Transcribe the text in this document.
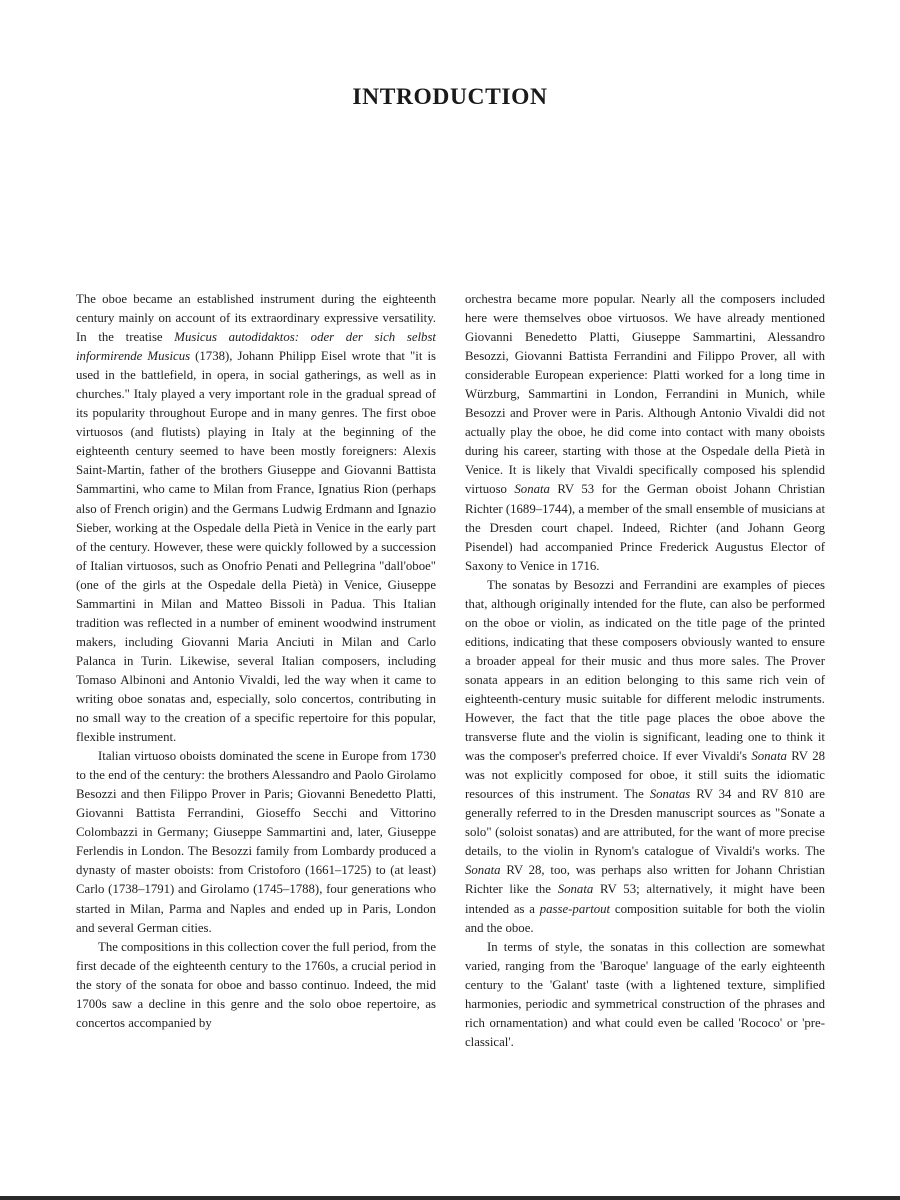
INTRODUCTION

The oboe became an established instrument during the eighteenth century mainly on account of its extraordinary expressive versatility. In the treatise Musicus autodidaktos: oder der sich selbst informirende Musicus (1738), Johann Philipp Eisel wrote that "it is used in the battlefield, in opera, in social gatherings, as well as in churches." Italy played a very important role in the gradual spread of its popularity throughout Europe and in many genres. The first oboe virtuosos (and flutists) playing in Italy at the beginning of the eighteenth century seemed to have been mostly foreigners: Alexis Saint-Martin, father of the brothers Giuseppe and Giovanni Battista Sammartini, who came to Milan from France, Ignatius Rion (perhaps also of French origin) and the Germans Ludwig Erdmann and Ignazio Sieber, working at the Ospedale della Pietà in Venice in the early part of the century. However, these were quickly followed by a succession of Italian virtuosos, such as Onofrio Penati and Pellegrina "dall'oboe" (one of the girls at the Ospedale della Pietà) in Venice, Giuseppe Sammartini in Milan and Matteo Bissoli in Padua. This Italian tradition was reflected in a number of eminent woodwind instrument makers, including Giovanni Maria Anciuti in Milan and Carlo Palanca in Turin. Likewise, several Italian composers, including Tomaso Albinoni and Antonio Vivaldi, led the way when it came to writing oboe sonatas and, especially, solo concertos, contributing in no small way to the creation of a specific repertoire for this popular, flexible instrument.

Italian virtuoso oboists dominated the scene in Europe from 1730 to the end of the century: the brothers Alessandro and Paolo Girolamo Besozzi and then Filippo Prover in Paris; Giovanni Benedetto Platti, Giovanni Battista Ferrandini, Gioseffo Secchi and Vittorino Colombazzi in Germany; Giuseppe Sammartini and, later, Giuseppe Ferlendis in London. The Besozzi family from Lombardy produced a dynasty of master oboists: from Cristoforo (1661–1725) to (at least) Carlo (1738–1791) and Girolamo (1745–1788), four generations who started in Milan, Parma and Naples and ended up in Paris, London and several German cities.

The compositions in this collection cover the full period, from the first decade of the eighteenth century to the 1760s, a crucial period in the story of the sonata for oboe and basso continuo. Indeed, the mid 1700s saw a decline in this genre and the solo oboe repertoire, as concertos accompanied by

orchestra became more popular. Nearly all the composers included here were themselves oboe virtuosos. We have already mentioned Giovanni Benedetto Platti, Giuseppe Sammartini, Alessandro Besozzi, Giovanni Battista Ferrandini and Filippo Prover, all with considerable European experience: Platti worked for a long time in Würzburg, Sammartini in London, Ferrandini in Munich, while Besozzi and Prover were in Paris. Although Antonio Vivaldi did not actually play the oboe, he did come into contact with many oboists during his career, starting with those at the Ospedale della Pietà in Venice. It is likely that Vivaldi specifically composed his splendid virtuoso Sonata RV 53 for the German oboist Johann Christian Richter (1689–1744), a member of the small ensemble of musicians at the Dresden court chapel. Indeed, Richter (and Johann Georg Pisendel) had accompanied Prince Frederick Augustus Elector of Saxony to Venice in 1716.

The sonatas by Besozzi and Ferrandini are examples of pieces that, although originally intended for the flute, can also be performed on the oboe or violin, as indicated on the title page of the printed editions, indicating that these composers obviously wanted to ensure a broader appeal for their music and thus more sales. The Prover sonata appears in an edition belonging to this same rich vein of eighteenth-century music suitable for different melodic instruments. However, the fact that the title page places the oboe above the transverse flute and the violin is significant, leading one to think it was the composer's preferred choice. If ever Vivaldi's Sonata RV 28 was not explicitly composed for oboe, it still suits the idiomatic resources of this instrument. The Sonatas RV 34 and RV 810 are generally referred to in the Dresden manuscript sources as "Sonate a solo" (soloist sonatas) and are attributed, for the want of more precise details, to the violin in Rynom's catalogue of Vivaldi's works. The Sonata RV 28, too, was perhaps also written for Johann Christian Richter like the Sonata RV 53; alternatively, it might have been intended as a passe-partout composition suitable for both the violin and the oboe.

In terms of style, the sonatas in this collection are somewhat varied, ranging from the 'Baroque' language of the early eighteenth century to the 'Galant' taste (with a lightened texture, simplified harmonies, periodic and symmetrical construction of the phrases and rich ornamentation) and what could even be called 'Rococo' or 'pre-classical'.
